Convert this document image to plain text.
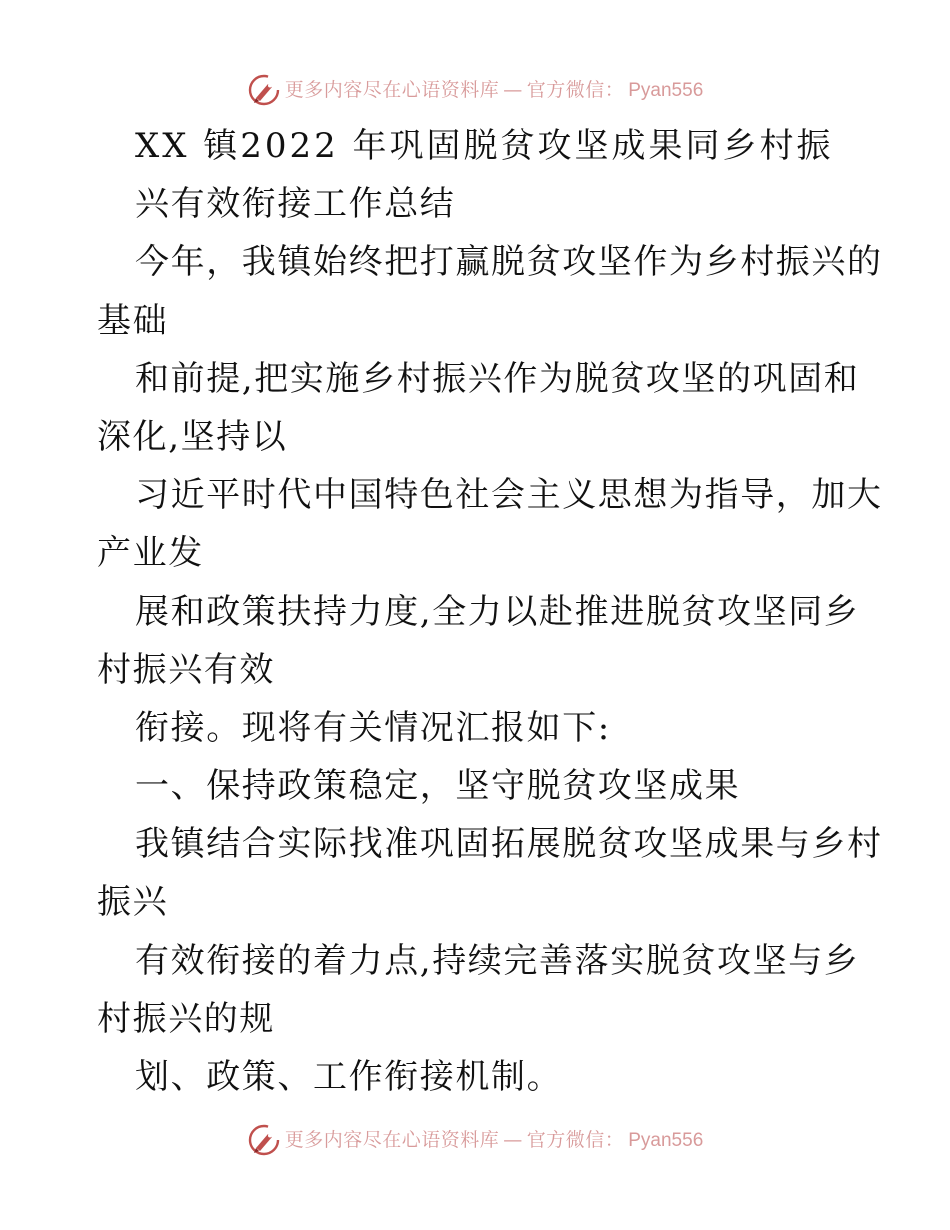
更多内容尽在心语资料库 — 官方微信： Pyan556
XX 镇2022 年巩固脱贫攻坚成果同乡村振
兴有效衔接工作总结
今年，我镇始终把打赢脱贫攻坚作为乡村振兴的
基础
和前提,把实施乡村振兴作为脱贫攻坚的巩固和
深化,坚持以
习近平时代中国特色社会主义思想为指导，加大
产业发
展和政策扶持力度,全力以赴推进脱贫攻坚同乡
村振兴有效
衔接。现将有关情况汇报如下:
一、保持政策稳定，坚守脱贫攻坚成果
我镇结合实际找准巩固拓展脱贫攻坚成果与乡村
振兴
有效衔接的着力点,持续完善落实脱贫攻坚与乡
村振兴的规
划、政策、工作衔接机制。
更多内容尽在心语资料库 — 官方微信： Pyan556
